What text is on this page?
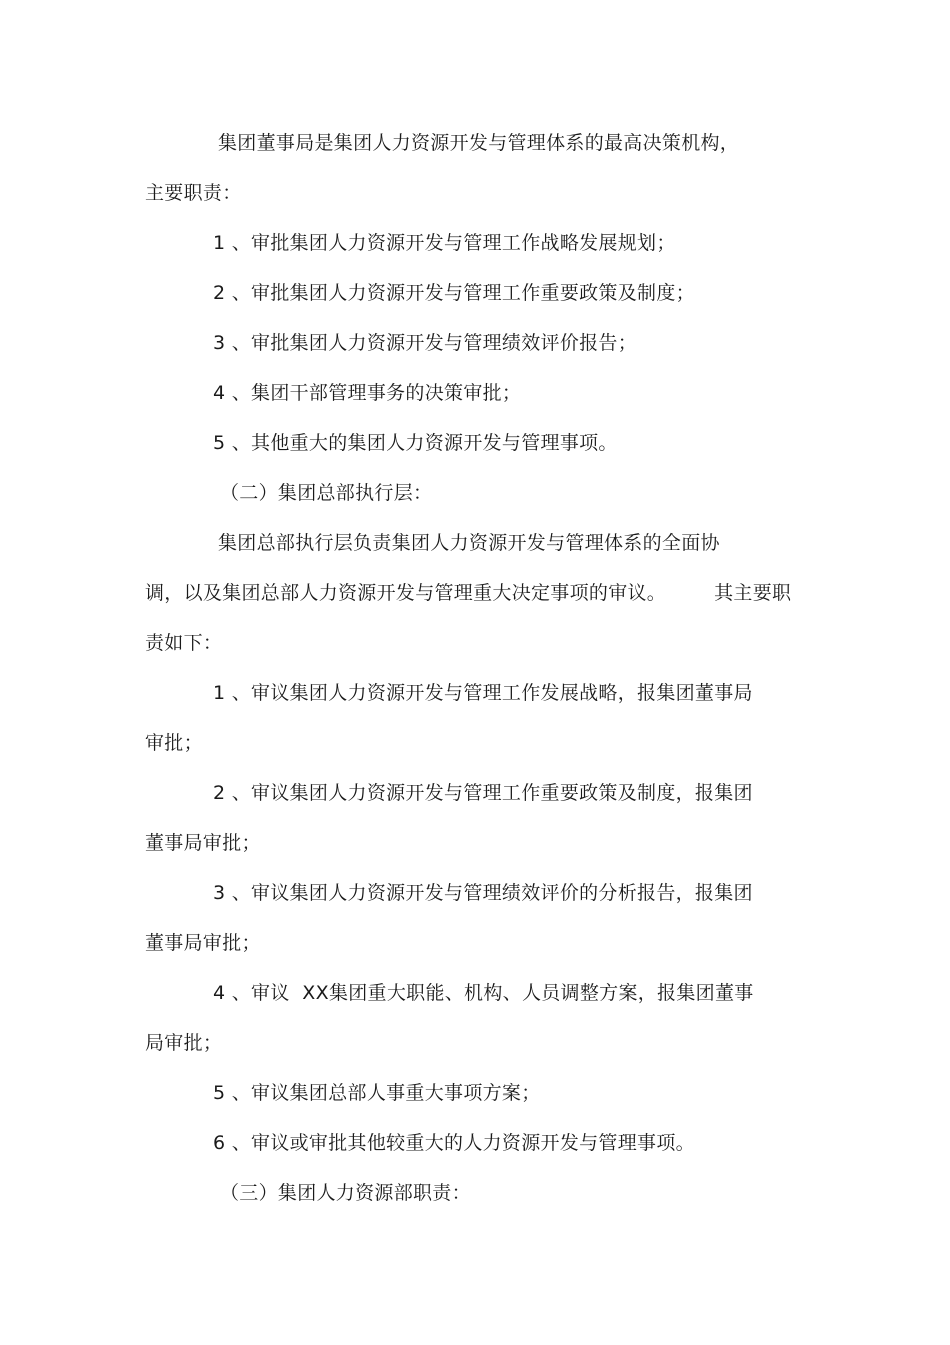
集团董事局是集团人力资源开发与管理体系的最高决策机构，
主要职责：
1 、审批集团人力资源开发与管理工作战略发展规划；
2 、审批集团人力资源开发与管理工作重要政策及制度；
3 、审批集团人力资源开发与管理绩效评价报告；
4 、集团干部管理事务的决策审批；
5 、其他重大的集团人力资源开发与管理事项。
（二）集团总部执行层：
集团总部执行层负责集团人力资源开发与管理体系的全面协
调，以及集团总部人力资源开发与管理重大决定事项的审议。	其主要职
责如下：
1 、审议集团人力资源开发与管理工作发展战略，报集团董事局
审批；
2 、审议集团人力资源开发与管理工作重要政策及制度，报集团
董事局审批；
3 、审议集团人力资源开发与管理绩效评价的分析报告，报集团
董事局审批；
4 、审议  XX集团重大职能、机构、人员调整方案，报集团董事
局审批；
5 、审议集团总部人事重大事项方案；
6 、审议或审批其他较重大的人力资源开发与管理事项。
（三）集团人力资源部职责：
